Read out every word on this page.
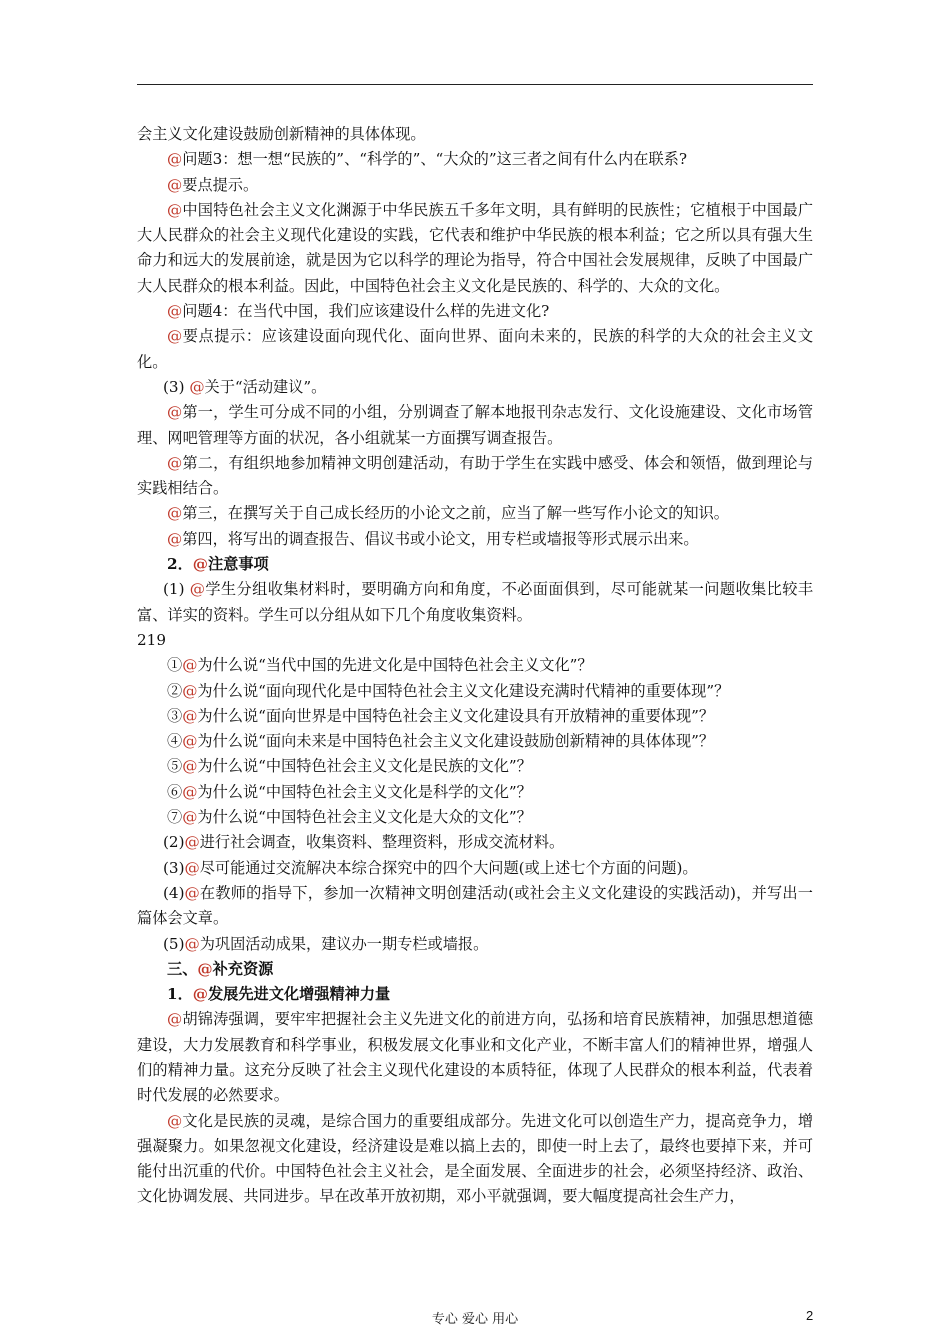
会主义文化建设鼓励创新精神的具体体现。

@问题3：想一想“民族的”、“科学的”、“大众的”这三者之间有什么内在联系?

@要点提示。

@中国特色社会主义文化渊源于中华民族五千多年文明，具有鲜明的民族性；它植根于中国最广大人民群众的社会主义现代化建设的实践，它代表和维护中华民族的根本利益；它之所以具有强大生命力和远大的发展前途，就是因为它以科学的理论为指导，符合中国社会发展规律，反映了中国最广大人民群众的根本利益。因此，中国特色社会主义文化是民族的、科学的、大众的文化。

@问题4：在当代中国，我们应该建设什么样的先进文化?

@要点提示：应该建设面向现代化、面向世界、面向未来的，民族的科学的大众的社会主义文化。

(3) @关于“活动建议”。

@第一，学生可分成不同的小组，分别调查了解本地报刊杂志发行、文化设施建设、文化市场管理、网吧管理等方面的状况，各小组就某一方面撰写调查报告。

@第二，有组织地参加精神文明创建活动，有助于学生在实践中感受、体会和领悟，做到理论与实践相结合。

@第三，在撰写关于自己成长经历的小论文之前，应当了解一些写作小论文的知识。

@第四，将写出的调查报告、倡议书或小论文，用专栏或墙报等形式展示出来。

2．@注意事项

(1) @学生分组收集材料时，要明确方向和角度，不必面面俱到，尽可能就某一问题收集比较丰富、详实的资料。学生可以分组从如下几个角度收集资料。

219

①@为什么说“当代中国的先进文化是中国特色社会主义文化”？

②@为什么说“面向现代化是中国特色社会主义文化建设充满时代精神的重要体现”？

③@为什么说“面向世界是中国特色社会主义文化建设具有开放精神的重要体现”？

④@为什么说“面向未来是中国特色社会主义文化建设鼓励创新精神的具体体现”？

⑤@为什么说“中国特色社会主义文化是民族的文化”？

⑥@为什么说“中国特色社会主义文化是科学的文化”？

⑦@为什么说“中国特色社会主义文化是大众的文化”？

(2)@进行社会调查，收集资料、整理资料，形成交流材料。

(3)@尽可能通过交流解决本综合探究中的四个大问题(或上述七个方面的问题)。

(4)@在教师的指导下，参加一次精神文明创建活动(或社会主义文化建设的实践活动)，并写出一篇体会文章。

(5)@为巩固活动成果，建议办一期专栏或墙报。

三、@补充资源

1．@发展先进文化增强精神力量

@胡锦涛强调，要牢牢把握社会主义先进文化的前进方向，弘扬和培育民族精神，加强思想道德建设，大力发展教育和科学事业，积极发展文化事业和文化产业，不断丰富人们的精神世界，增强人们的精神力量。这充分反映了社会主义现代化建设的本质特征，体现了人民群众的根本利益，代表着时代发展的必然要求。

@文化是民族的灵魂，是综合国力的重要组成部分。先进文化可以创造生产力，提高竞争力，增强凝聚力。如果忽视文化建设，经济建设是难以搞上去的，即使一时上去了，最终也要掉下来，并可能付出沉重的代价。中国特色社会主义社会，是全面发展、全面进步的社会，必须坚持经济、政治、文化协调发展、共同进步。早在改革开放初期，邓小平就强调，要大幅度提高社会生产力，

专心 爱心 用心	2
